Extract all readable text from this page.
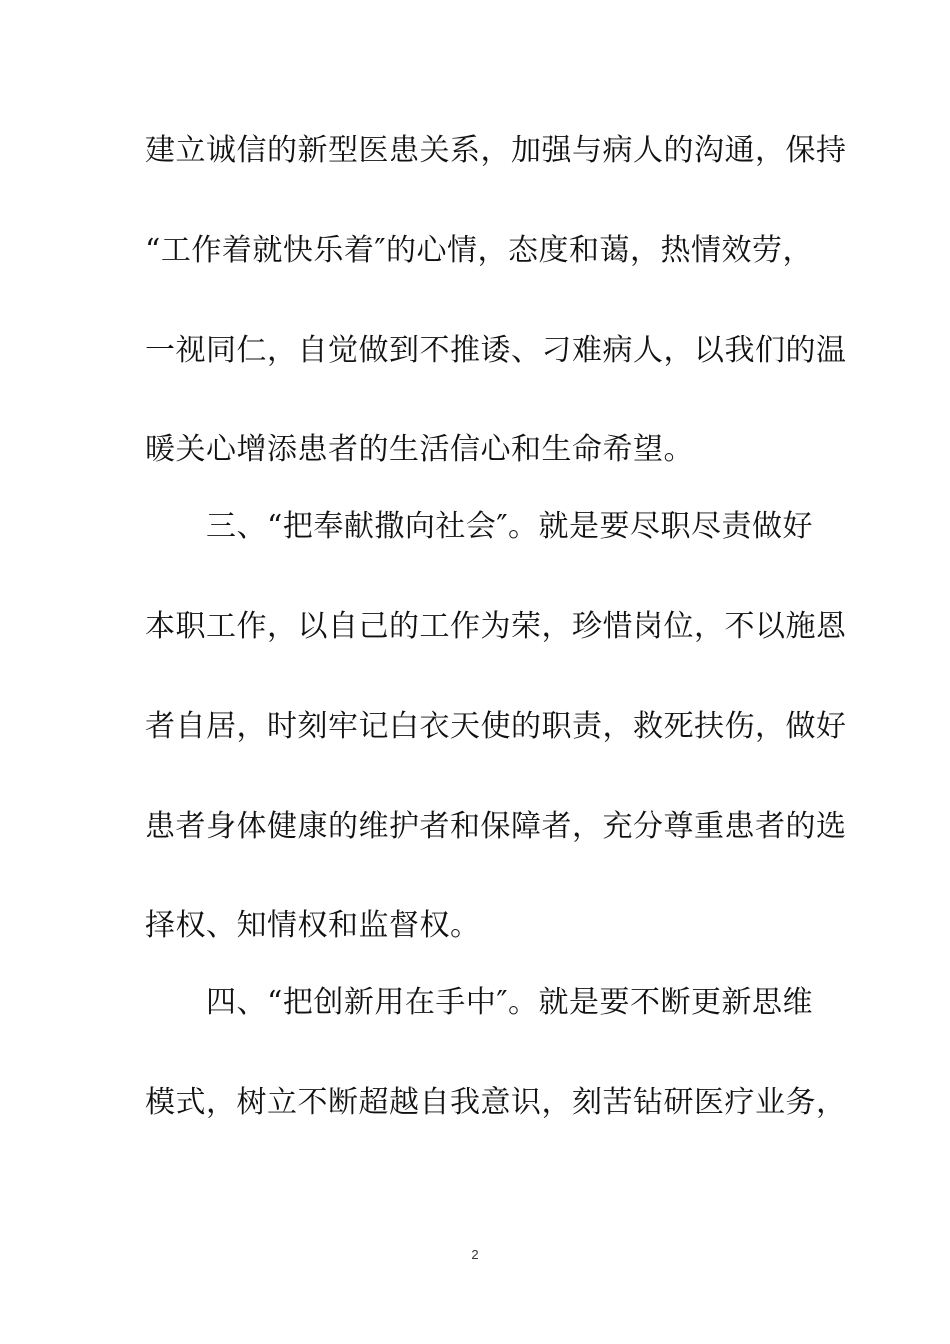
建立诚信的新型医患关系，加强与病人的沟通，保持
“工作着就快乐着″的心情，态度和蔼，热情效劳，
一视同仁，自觉做到不推诿、刁难病人，以我们的温
暖关心增添患者的生活信心和生命希望。
　　三、“把奉献撒向社会″。就是要尽职尽责做好
本职工作，以自己的工作为荣，珍惜岗位，不以施恩
者自居，时刻牢记白衣天使的职责，救死扶伤，做好
患者身体健康的维护者和保障者，充分尊重患者的选
择权、知情权和监督权。
　　四、“把创新用在手中″。就是要不断更新思维
模式，树立不断超越自我意识，刻苦钻研医疗业务，
2
